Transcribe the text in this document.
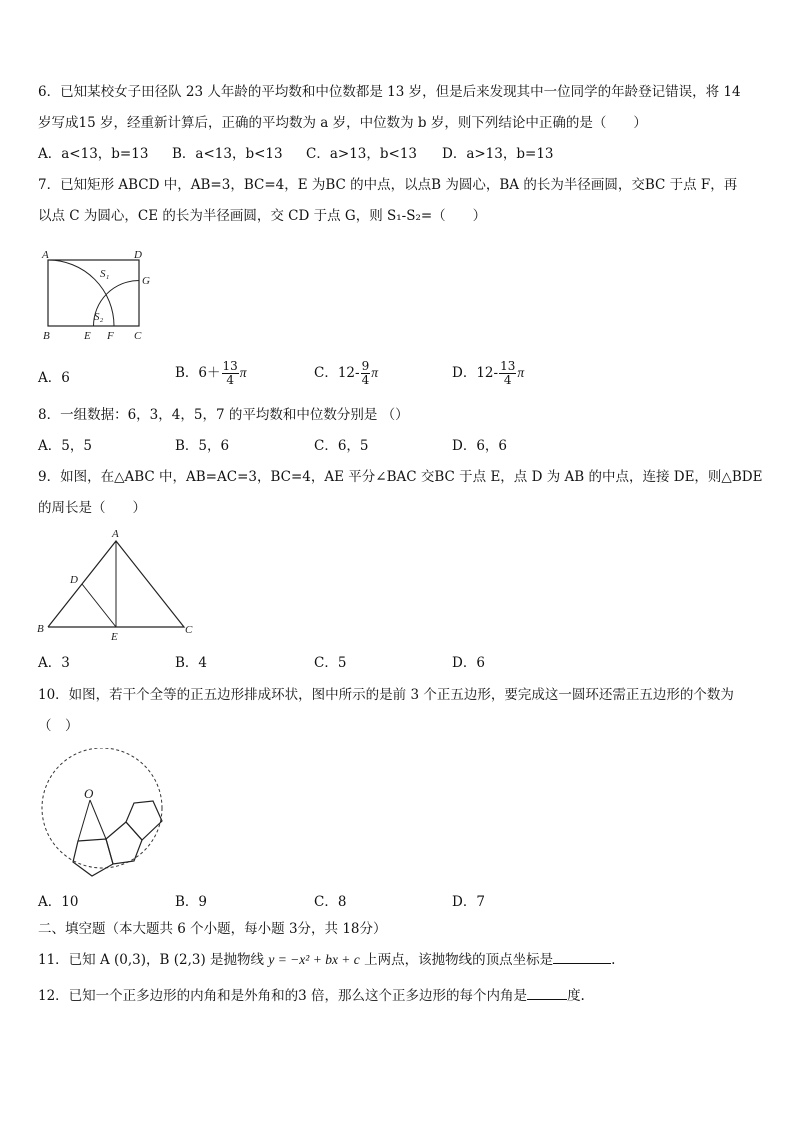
6．已知某校女子田径队 23 人年龄的平均数和中位数都是 13 岁，但是后来发现其中一位同学的年龄登记错误，将 14
岁写成15 岁，经重新计算后，正确的平均数为 a 岁，中位数为 b 岁，则下列结论中正确的是（　　）
A．a<13，b=13 B．a<13，b<13 C．a>13，b<13 D．a>13，b=13
7．已知矩形 ABCD 中，AB=3，BC=4，E 为BC 的中点，以点B 为圆心，BA 的长为半径画圆，交BC 于点 F，再
以点 C 为圆心，CE 的长为半径画圆，交 CD 于点 G，则 S₁-S₂=（　　）
A	D
B	C
E F
G
S₁
S₂
A．6	B．$6+ \frac{13}{4}$ π	C．$12- \frac{9}{4}$ π	D．$12- \frac{13}{4}$ π
8．一组数据：6，3，4，5，7 的平均数和中位数分别是 （）
A．5，5	B．5，6	C．6，5	D．6，6
9．如图，在△ABC 中，AB=AC=3，BC=4，AE 平分∠BAC 交BC 于点 E，点 D 为 AB 的中点，连接 DE，则△BDE
的周长是（　　）
A
B	C
D
E
A．3	B．4	C．5	D．6
10．如图，若干个全等的正五边形排成环状，图中所示的是前 3 个正五边形，要完成这一圆环还需正五边形的个数为
（　）
O
A．10	B．9	C．8	D．7
二、填空题（本大题共 6 个小题，每小题 3分，共 18分）
11．已知 A (0,3)，B (2,3) 是抛物线 y = −x² + bx + c 上两点，该抛物线的顶点坐标是	.
12．已知一个正多边形的内角和是外角和的3 倍，那么这个正多边形的每个内角是	度.
